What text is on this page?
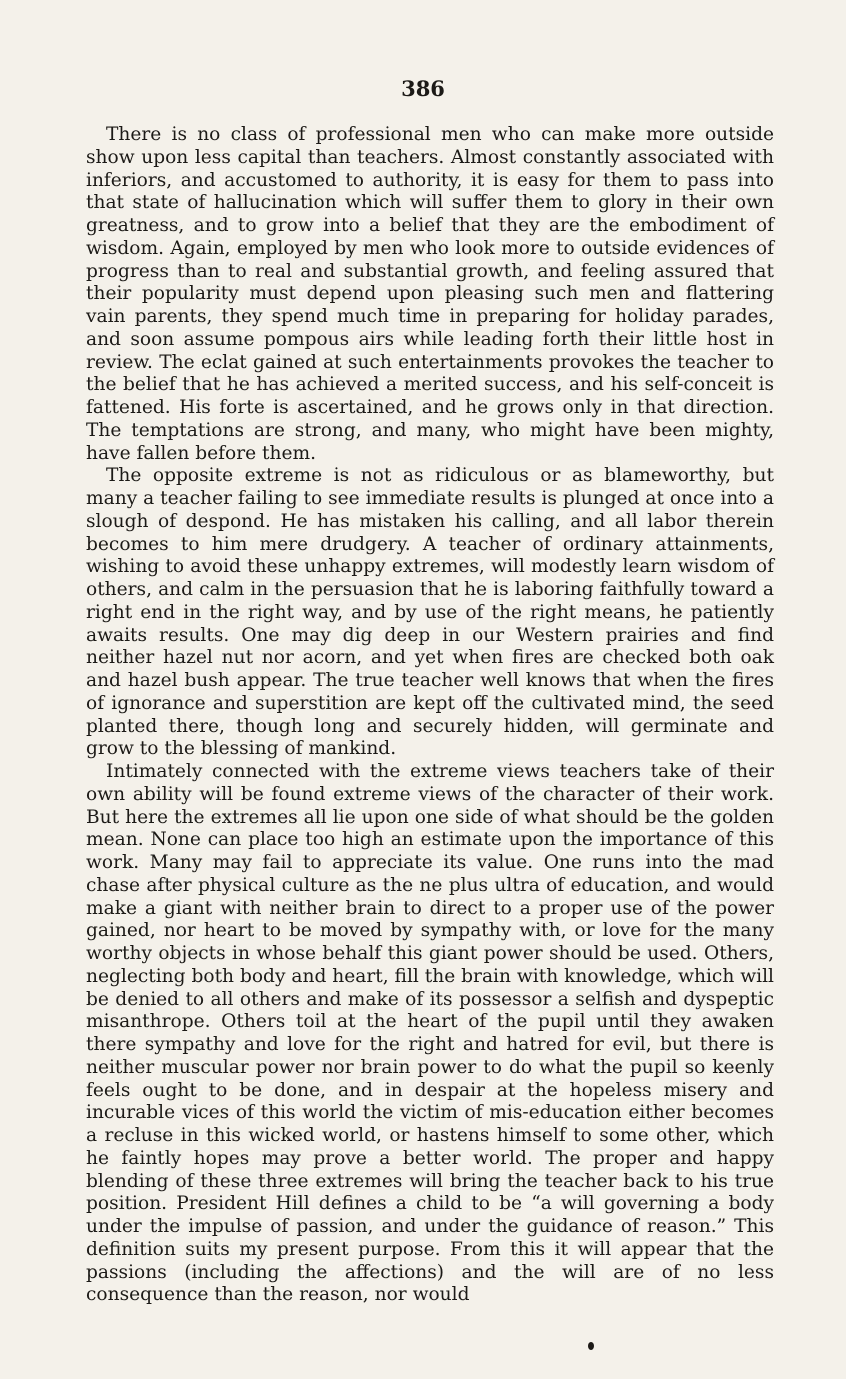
386

There is no class of professional men who can make more outside show upon less capital than teachers. Almost constantly associated with inferiors, and accustomed to authority, it is easy for them to pass into that state of hallucination which will suffer them to glory in their own greatness, and to grow into a belief that they are the embodiment of wisdom. Again, employed by men who look more to outside evidences of progress than to real and substantial growth, and feeling assured that their popularity must depend upon pleasing such men and flattering vain parents, they spend much time in preparing for holiday parades, and soon assume pompous airs while leading forth their little host in review. The eclat gained at such entertainments provokes the teacher to the belief that he has achieved a merited success, and his self-conceit is fattened. His forte is ascertained, and he grows only in that direction. The temptations are strong, and many, who might have been mighty, have fallen before them.

The opposite extreme is not as ridiculous or as blameworthy, but many a teacher failing to see immediate results is plunged at once into a slough of despond. He has mistaken his calling, and all labor therein becomes to him mere drudgery. A teacher of ordinary attainments, wishing to avoid these unhappy extremes, will modestly learn wisdom of others, and calm in the persuasion that he is laboring faithfully toward a right end in the right way, and by use of the right means, he patiently awaits results. One may dig deep in our Western prairies and find neither hazel nut nor acorn, and yet when fires are checked both oak and hazel bush appear. The true teacher well knows that when the fires of ignorance and superstition are kept off the cultivated mind, the seed planted there, though long and securely hidden, will germinate and grow to the blessing of mankind.

Intimately connected with the extreme views teachers take of their own ability will be found extreme views of the character of their work. But here the extremes all lie upon one side of what should be the golden mean. None can place too high an estimate upon the importance of this work. Many may fail to appreciate its value. One runs into the mad chase after physical culture as the ne plus ultra of education, and would make a giant with neither brain to direct to a proper use of the power gained, nor heart to be moved by sympathy with, or love for the many worthy objects in whose behalf this giant power should be used. Others, neglecting both body and heart, fill the brain with knowledge, which will be denied to all others and make of its possessor a selfish and dyspeptic misanthrope. Others toil at the heart of the pupil until they awaken there sympathy and love for the right and hatred for evil, but there is neither muscular power nor brain power to do what the pupil so keenly feels ought to be done, and in despair at the hopeless misery and incurable vices of this world the victim of mis-education either becomes a recluse in this wicked world, or hastens himself to some other, which he faintly hopes may prove a better world. The proper and happy blending of these three extremes will bring the teacher back to his true position. President Hill defines a child to be “a will governing a body under the impulse of passion, and under the guidance of reason.” This definition suits my present purpose. From this it will appear that the passions (including the affections) and the will are of no less consequence than the reason, nor would
